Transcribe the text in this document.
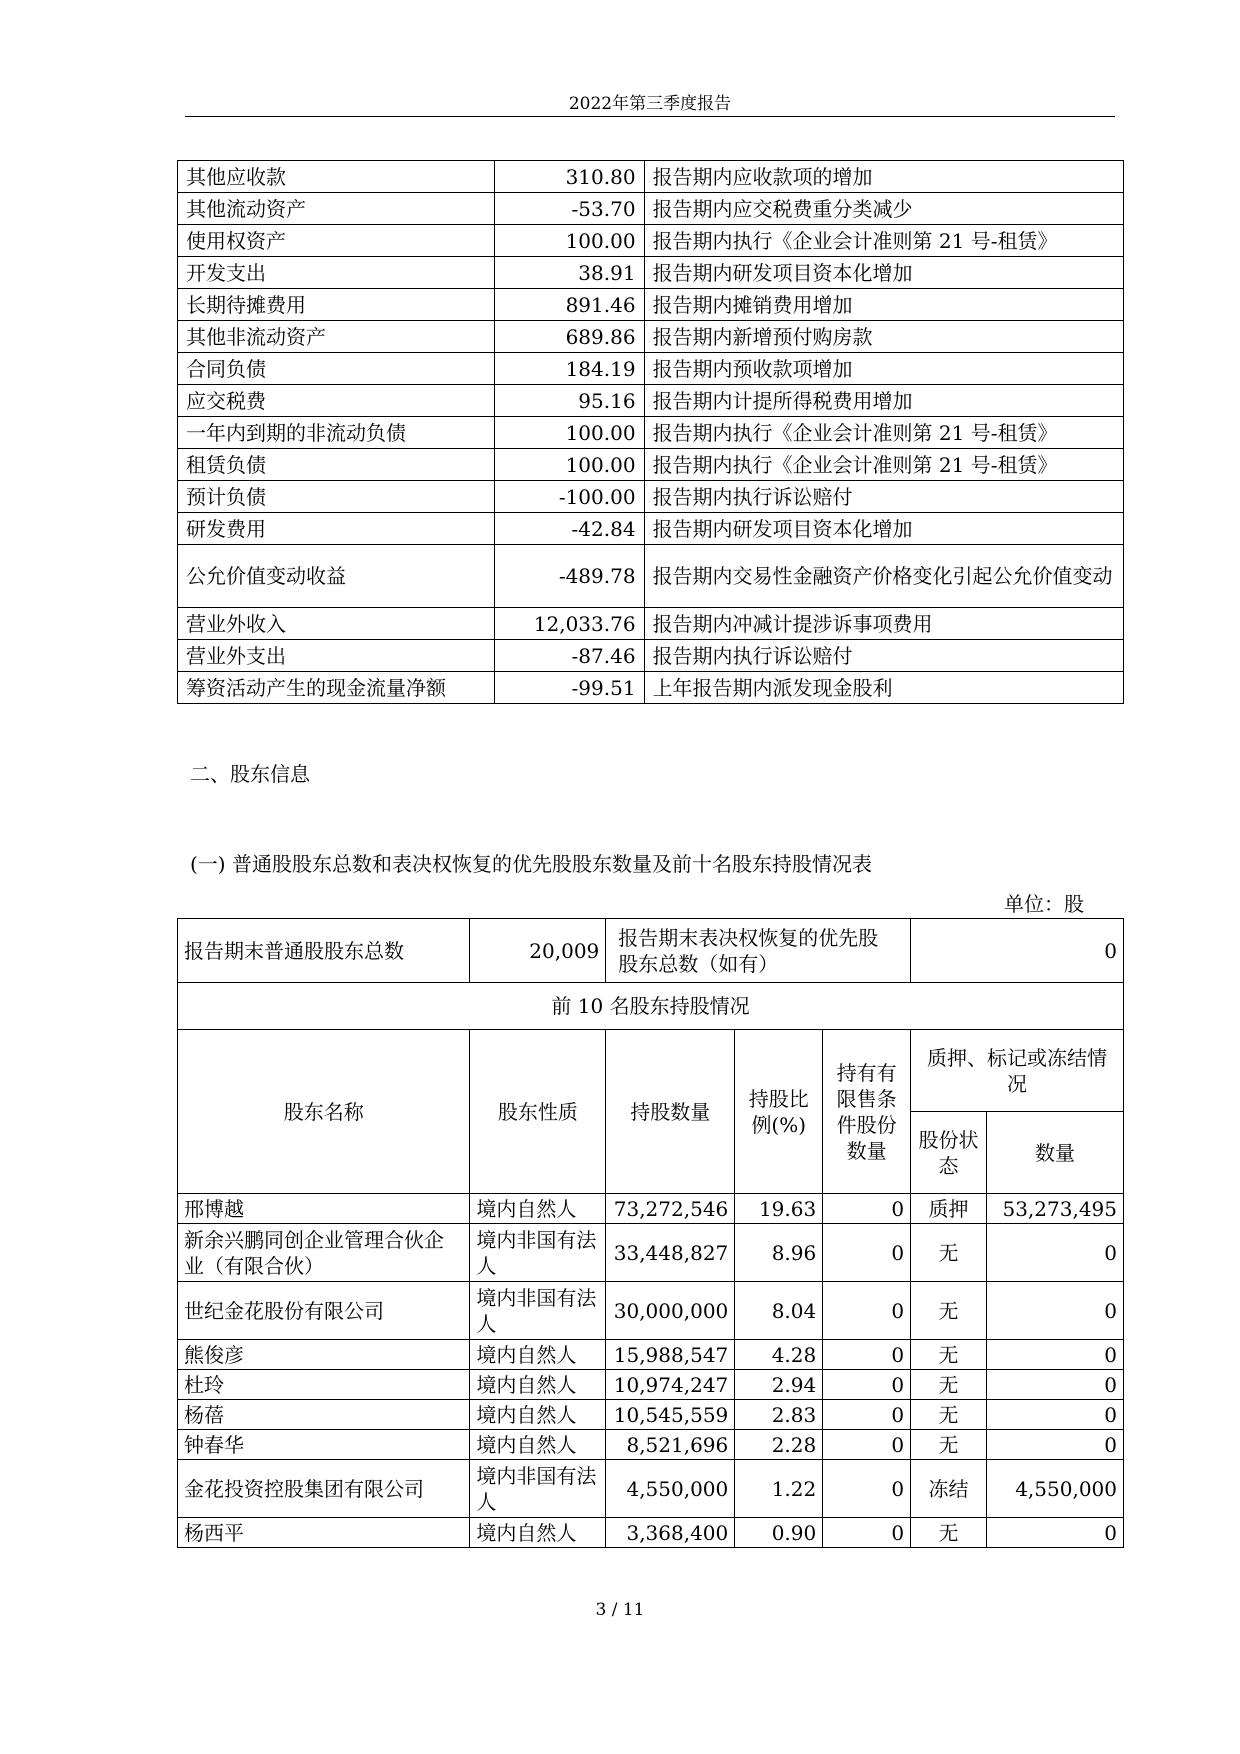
2022年第三季度报告
其他应收款	310.80	报告期内应收款项的增加
其他流动资产	-53.70	报告期内应交税费重分类减少
使用权资产	100.00	报告期内执行《企业会计准则第 21 号-租赁》
开发支出	38.91	报告期内研发项目资本化增加
长期待摊费用	891.46	报告期内摊销费用增加
其他非流动资产	689.86	报告期内新增预付购房款
合同负债	184.19	报告期内预收款项增加
应交税费	95.16	报告期内计提所得税费用增加
一年内到期的非流动负债	100.00	报告期内执行《企业会计准则第 21 号-租赁》
租赁负债	100.00	报告期内执行《企业会计准则第 21 号-租赁》
预计负债	-100.00	报告期内执行诉讼赔付
研发费用	-42.84	报告期内研发项目资本化增加
公允价值变动收益	-489.78	报告期内交易性金融资产价格变化引起公允价值变动
营业外收入	12,033.76	报告期内冲减计提涉诉事项费用
营业外支出	-87.46	报告期内执行诉讼赔付
筹资活动产生的现金流量净额	-99.51	上年报告期内派发现金股利
二、股东信息
(一) 普通股股东总数和表决权恢复的优先股股东数量及前十名股东持股情况表
单位：股
报告期末普通股股东总数	20,009	报告期末表决权恢复的优先股股东总数（如有）			0	
前 10 名股东持股情况						
股东名称	股东性质	持股数量	持股比例(%)	持有有限售条件股份数量	质押、标记或冻结情况	
					股份状态	数量
邢博越	境内自然人	73,272,546	19.63	0	质押	53,273,495
新余兴鹏同创企业管理合伙企业（有限合伙）	境内非国有法人	33,448,827	8.96	0	无	0
世纪金花股份有限公司	境内非国有法人	30,000,000	8.04	0	无	0
熊俊彦	境内自然人	15,988,547	4.28	0	无	0
杜玲	境内自然人	10,974,247	2.94	0	无	0
杨蓓	境内自然人	10,545,559	2.83	0	无	0
钟春华	境内自然人	8,521,696	2.28	0	无	0
金花投资控股集团有限公司	境内非国有法人	4,550,000	1.22	0	冻结	4,550,000
杨西平	境内自然人	3,368,400	0.90	0	无	0
3 / 11
